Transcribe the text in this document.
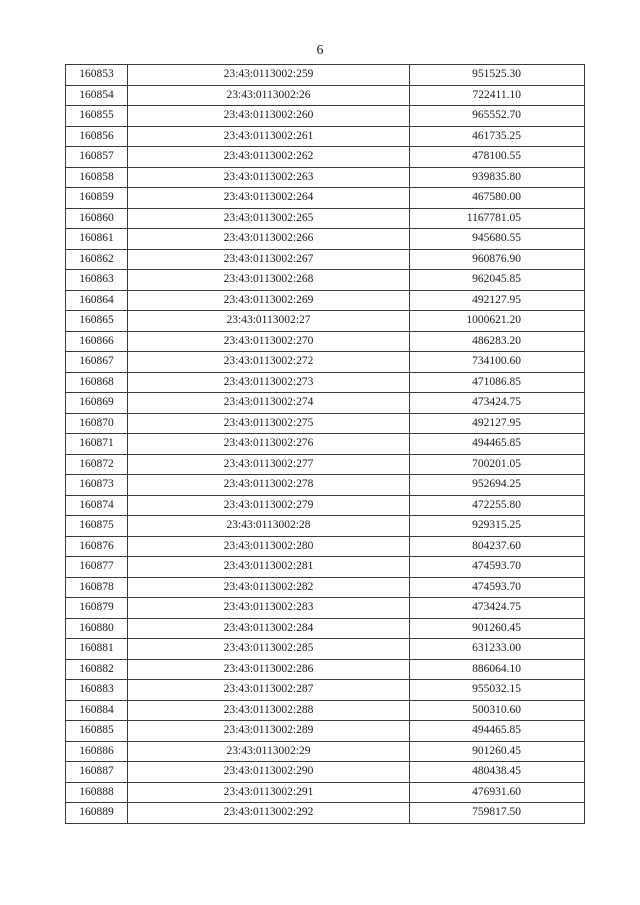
6
160853	23:43:0113002:259	951525.30
160854	23:43:0113002:26	722411.10
160855	23:43:0113002:260	965552.70
160856	23:43:0113002:261	461735.25
160857	23:43:0113002:262	478100.55
160858	23:43:0113002:263	939835.80
160859	23:43:0113002:264	467580.00
160860	23:43:0113002:265	1167781.05
160861	23:43:0113002:266	945680.55
160862	23:43:0113002:267	960876.90
160863	23:43:0113002:268	962045.85
160864	23:43:0113002:269	492127.95
160865	23:43:0113002:27	1000621.20
160866	23:43:0113002:270	486283.20
160867	23:43:0113002:272	734100.60
160868	23:43:0113002:273	471086.85
160869	23:43:0113002:274	473424.75
160870	23:43:0113002:275	492127.95
160871	23:43:0113002:276	494465.85
160872	23:43:0113002:277	700201.05
160873	23:43:0113002:278	952694.25
160874	23:43:0113002:279	472255.80
160875	23:43:0113002:28	929315.25
160876	23:43:0113002:280	804237.60
160877	23:43:0113002:281	474593.70
160878	23:43:0113002:282	474593.70
160879	23:43:0113002:283	473424.75
160880	23:43:0113002:284	901260.45
160881	23:43:0113002:285	631233.00
160882	23:43:0113002:286	886064.10
160883	23:43:0113002:287	955032.15
160884	23:43:0113002:288	500310.60
160885	23:43:0113002:289	494465.85
160886	23:43:0113002:29	901260.45
160887	23:43:0113002:290	480438.45
160888	23:43:0113002:291	476931.60
160889	23:43:0113002:292	759817.50
